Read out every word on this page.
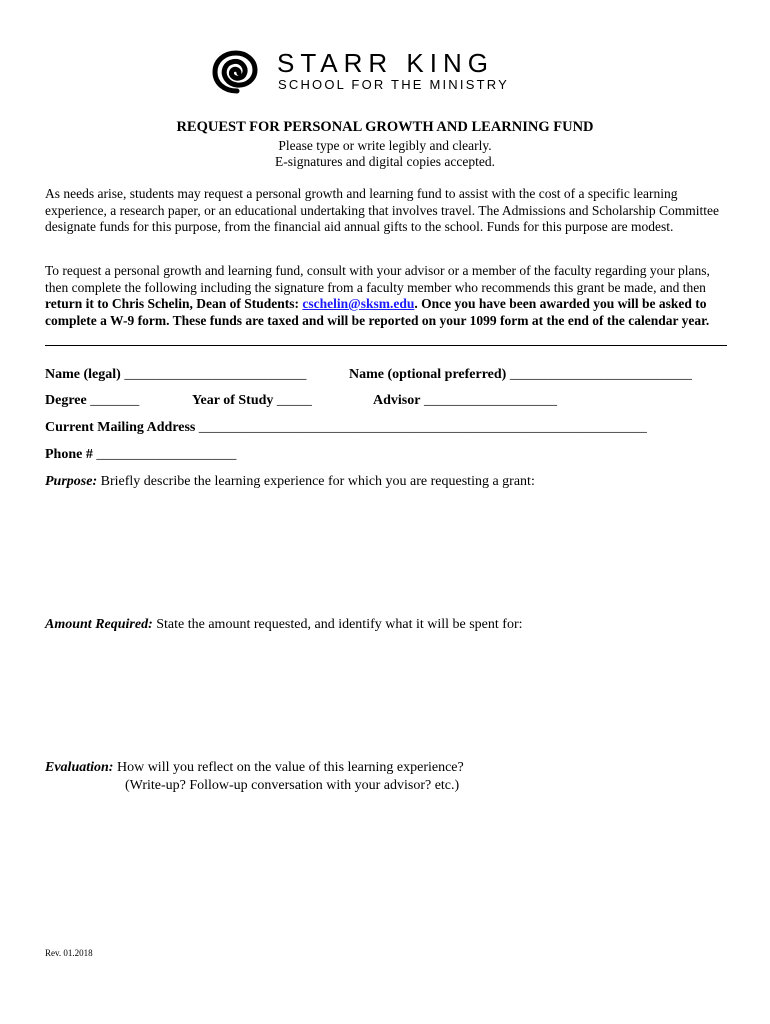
STARR KING
SCHOOL FOR THE MINISTRY
REQUEST FOR PERSONAL GROWTH AND LEARNING FUND
Please type or write legibly and clearly.
E-signatures and digital copies accepted.
As needs arise, students may request a personal growth and learning fund to assist with the cost of a specific learning experience, a research paper, or an educational undertaking that involves travel. The Admissions and Scholarship Committee designate funds for this purpose, from the financial aid annual gifts to the school. Funds for this purpose are modest.
To request a personal growth and learning fund, consult with your advisor or a member of the faculty regarding your plans, then complete the following including the signature from a faculty member who recommends this grant be made, and then return it to Chris Schelin, Dean of Students: cschelin@sksm.edu. Once you have been awarded you will be asked to complete a W-9 form. These funds are taxed and will be reported on your 1099 form at the end of the calendar year.
Name (legal) __________________________	Name (optional preferred) __________________________
Degree _______	Year of Study _____	Advisor ___________________
Current Mailing Address ________________________________________________________________
Phone # ____________________
Purpose: Briefly describe the learning experience for which you are requesting a grant:
Amount Required: State the amount requested, and identify what it will be spent for:
Evaluation: How will you reflect on the value of this learning experience?
(Write-up? Follow-up conversation with your advisor? etc.)
Rev. 01.2018
